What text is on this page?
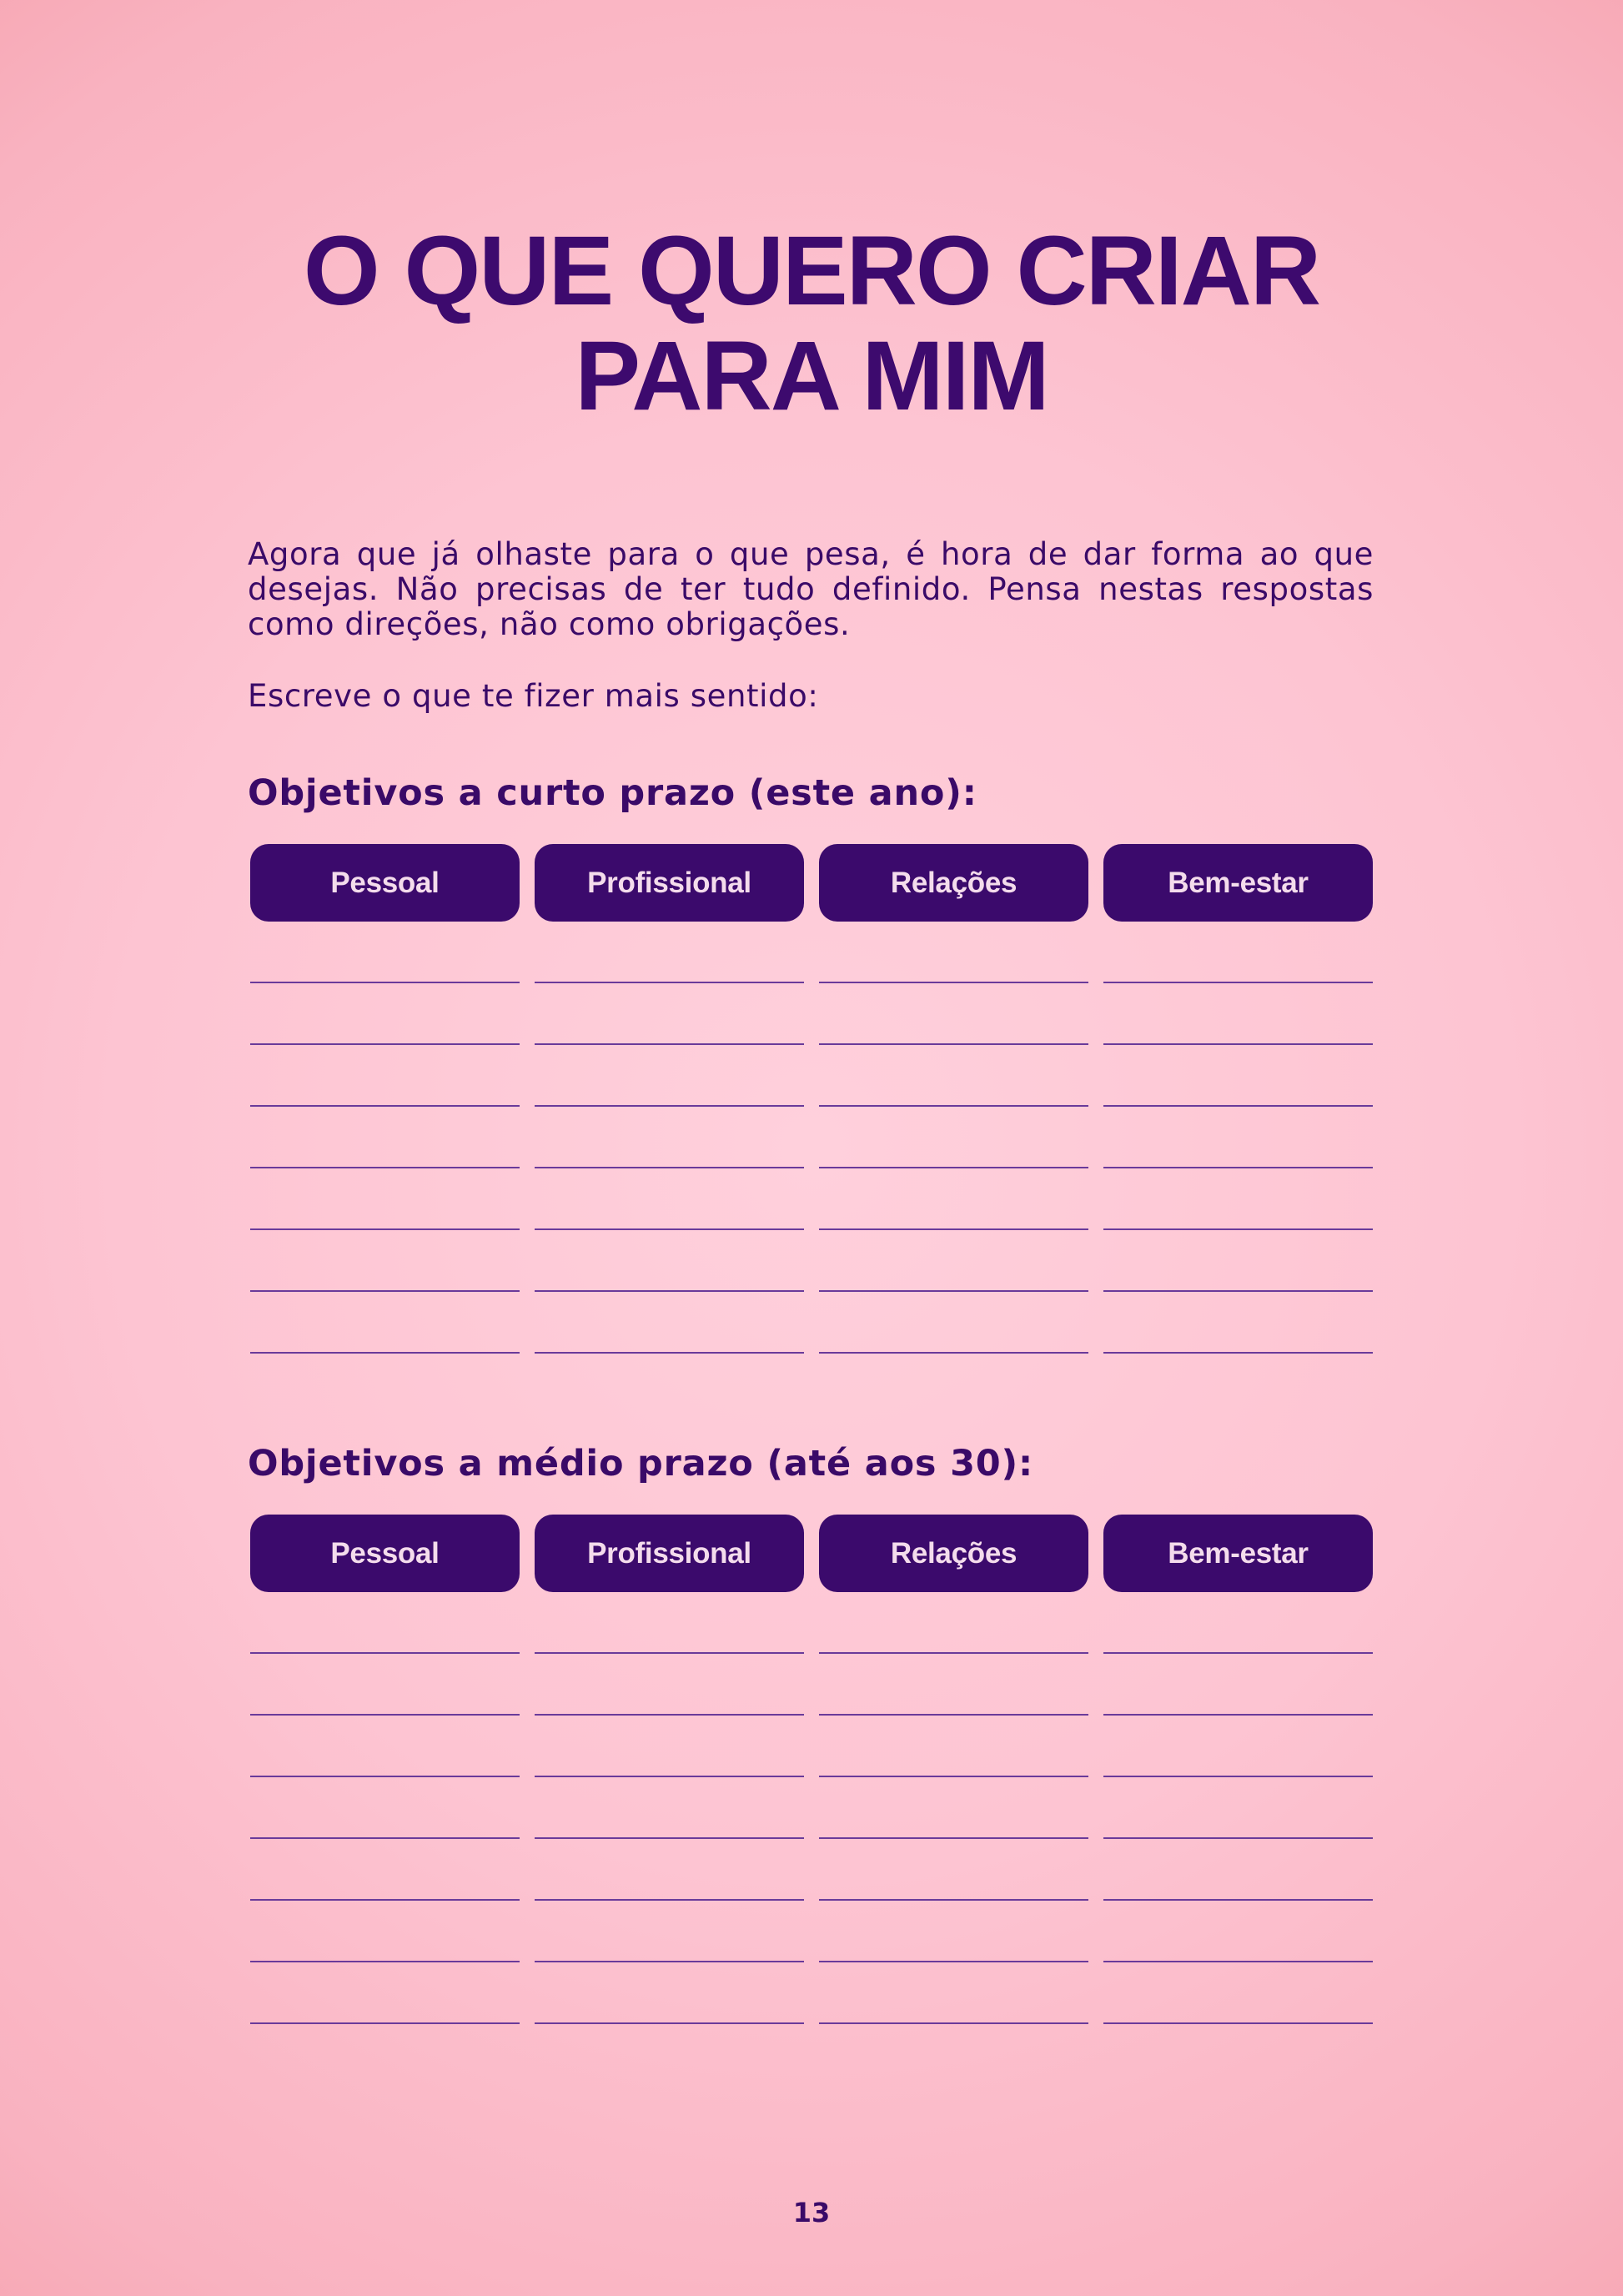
O QUE QUERO CRIAR
PARA MIM

Agora que já olhaste para o que pesa, é hora de dar forma ao que desejas. Não precisas de ter tudo definido. Pensa nestas respostas como direções, não como obrigações.

Escreve o que te fizer mais sentido:

Objetivos a curto prazo (este ano):
Pessoal	Profissional	Relações	Bem-estar
Objetivos a médio prazo (até aos 30):
Pessoal	Profissional	Relações	Bem-estar
13
